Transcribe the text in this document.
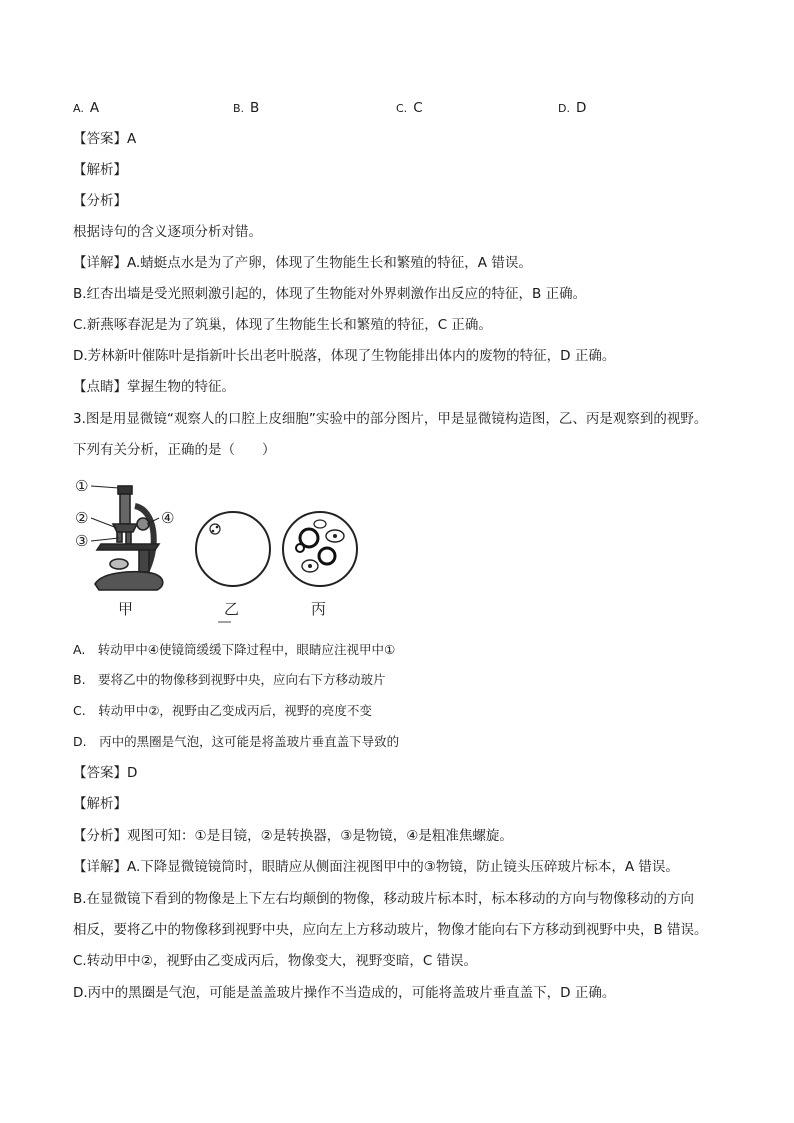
A. A	B. B	C. C	D. D
【答案】A
【解析】
【分析】
根据诗句的含义逐项分析对错。
【详解】A.蜻蜓点水是为了产卵，体现了生物能生长和繁殖的特征，A 错误。
B.红杏出墙是受光照刺激引起的，体现了生物能对外界刺激作出反应的特征，B 正确。
C.新燕啄春泥是为了筑巢，体现了生物能生长和繁殖的特征，C 正确。
D.芳林新叶催陈叶是指新叶长出老叶脱落，体现了生物能排出体内的废物的特征，D 正确。
【点睛】掌握生物的特征。
3.图是用显微镜“观察人的口腔上皮细胞”实验中的部分图片，甲是显微镜构造图，乙、丙是观察到的视野。
下列有关分析，正确的是（　　）
①
②
③
④
甲	乙	丙
A.　转动甲中④使镜筒缓缓下降过程中，眼睛应注视甲中①
B.　要将乙中的物像移到视野中央，应向右下方移动玻片
C.　转动甲中②，视野由乙变成丙后，视野的亮度不变
D.　丙中的黑圈是气泡，这可能是将盖玻片垂直盖下导致的
【答案】D
【解析】
【分析】观图可知：①是目镜，②是转换器，③是物镜，④是粗准焦螺旋。
【详解】A.下降显微镜镜筒时，眼睛应从侧面注视图甲中的③物镜，防止镜头压碎玻片标本，A 错误。
B.在显微镜下看到的物像是上下左右均颠倒的物像，移动玻片标本时，标本移动的方向与物像移动的方向
相反，要将乙中的物像移到视野中央，应向左上方移动玻片，物像才能向右下方移动到视野中央，B 错误。
C.转动甲中②，视野由乙变成丙后，物像变大，视野变暗，C 错误。
D.丙中的黑圈是气泡，可能是盖盖玻片操作不当造成的，可能将盖玻片垂直盖下，D 正确。
